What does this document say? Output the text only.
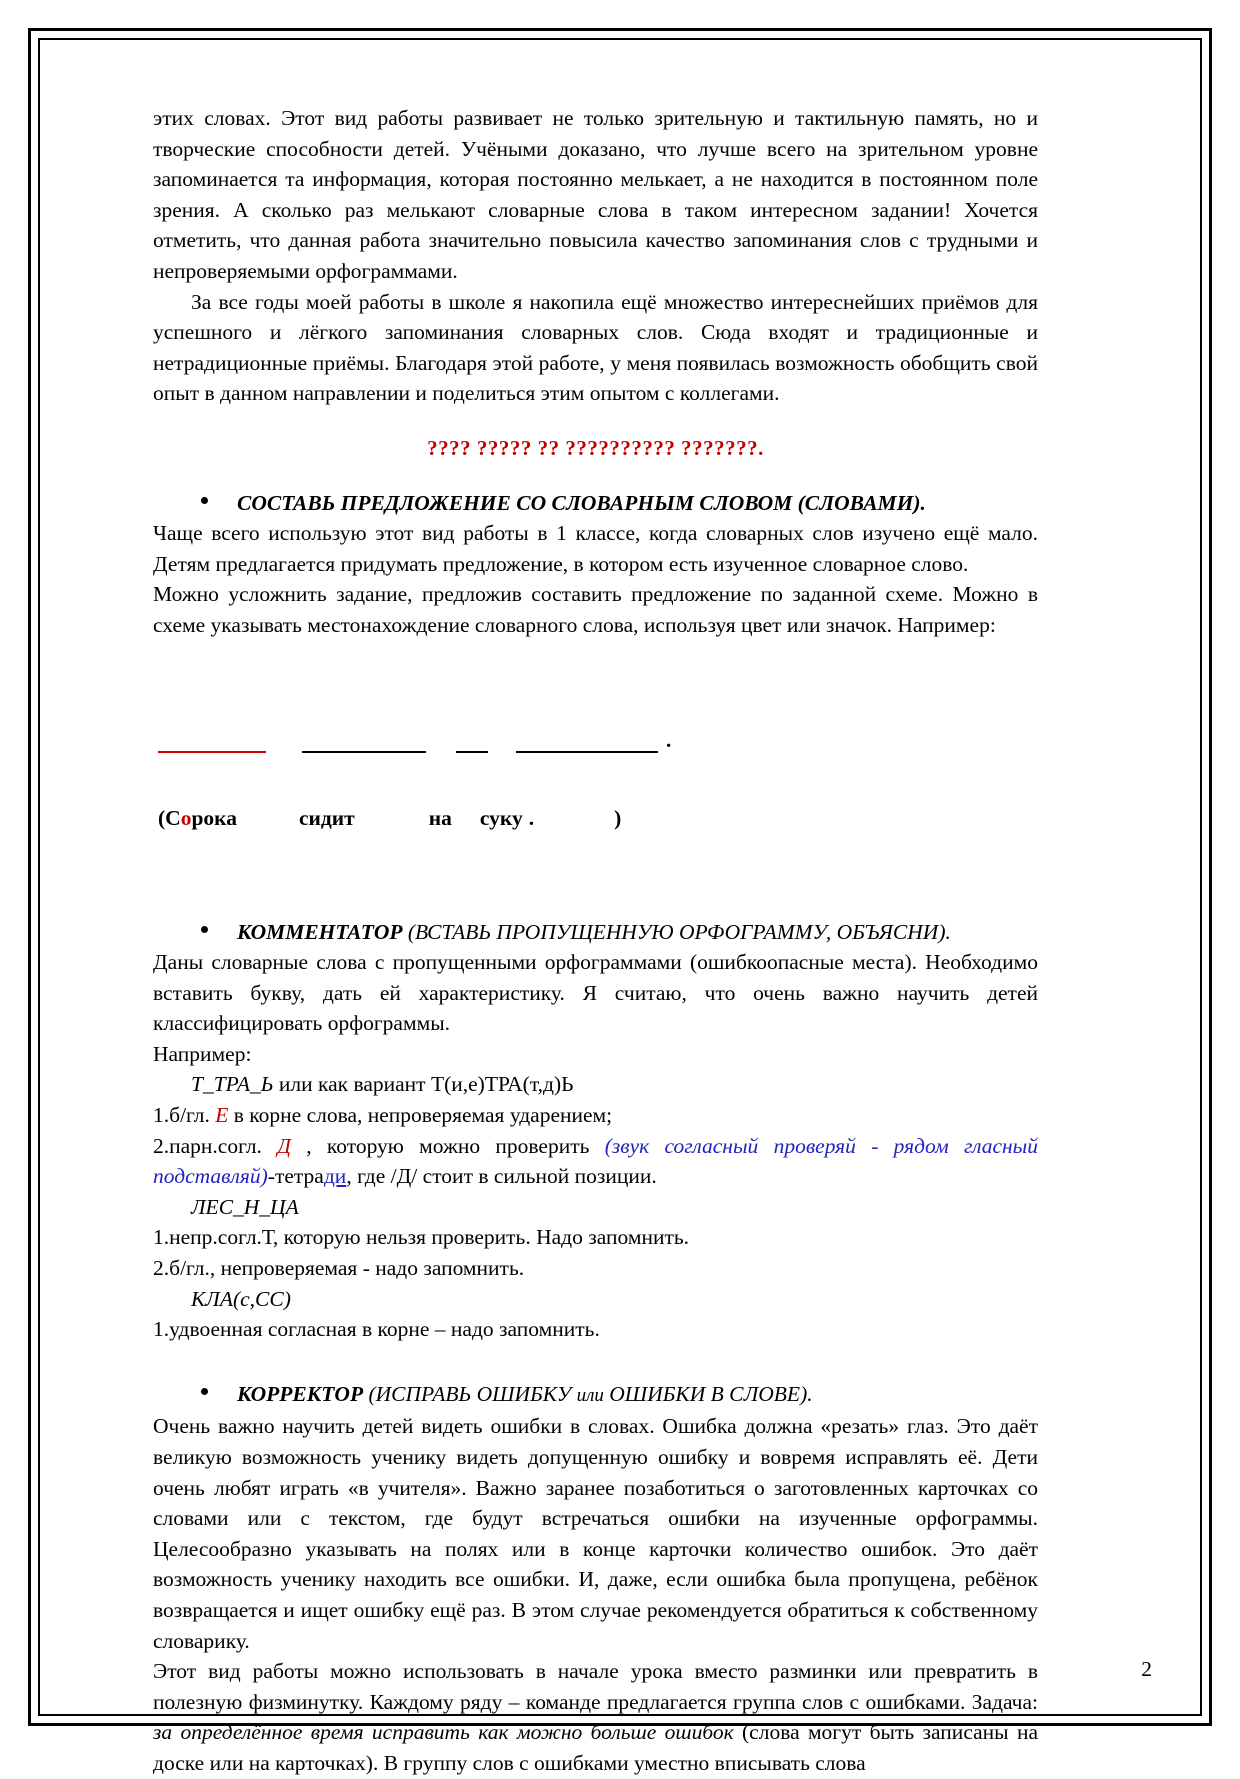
этих словах. Этот вид работы развивает не только зрительную и тактильную память, но и творческие способности детей. Учёными доказано, что лучше всего на зрительном уровне запоминается та информация, которая постоянно мелькает, а не находится в постоянном поле зрения. А сколько раз мелькают словарные слова в таком интересном задании! Хочется отметить, что данная работа значительно повысила качество запоминания слов с трудными и непроверяемыми орфограммами.

За все годы моей работы в школе я накопила ещё множество интереснейших приёмов для успешного и лёгкого запоминания словарных слов. Сюда входят и традиционные и нетрадиционные приёмы. Благодаря этой работе, у меня появилась возможность обобщить свой опыт в данном направлении и поделиться этим опытом с коллегами.

???? ????? ?? ?????????? ???????.

СОСТАВЬ ПРЕДЛОЖЕНИЕ СО СЛОВАРНЫМ СЛОВОМ (СЛОВАМИ).

Чаще всего использую этот вид работы в 1 классе, когда словарных слов изучено ещё мало. Детям предлагается придумать предложение, в котором есть изученное словарное слово.

Можно усложнить задание, предложив составить предложение по заданной схеме. Можно в схеме указывать местонахождение словарного слова, используя цвет или значок. Например:

.

(Сорока	сидит	на суку .	)

КОММЕНТАТОР (ВСТАВЬ ПРОПУЩЕННУЮ ОРФОГРАММУ, ОБЪЯСНИ).

Даны словарные слова с пропущенными орфограммами (ошибкоопасные места). Необходимо вставить букву, дать ей характеристику. Я считаю, что очень важно научить детей классифицировать орфограммы.

Например:

Т_ТРА_Ь или как вариант Т(и,е)ТРА(т,д)Ь

1.б/гл. Е в корне слова, непроверяемая ударением;

2.парн.согл. Д , которую можно проверить (звук согласный проверяй - рядом гласный подставляй)-тетради, где /Д/ стоит в сильной позиции.

ЛЕС_Н_ЦА

1.непр.согл.Т, которую нельзя проверить. Надо запомнить.

2.б/гл., непроверяемая - надо запомнить.

КЛА(с,СС)

1.удвоенная согласная в корне – надо запомнить.

КОРРЕКТОР (ИСПРАВЬ ОШИБКУ или ОШИБКИ В СЛОВЕ).

Очень важно научить детей видеть ошибки в словах. Ошибка должна «резать» глаз. Это даёт великую возможность ученику видеть допущенную ошибку и вовремя исправлять её. Дети очень любят играть «в учителя». Важно заранее позаботиться о заготовленных карточках со словами или с текстом, где будут встречаться ошибки на изученные орфограммы. Целесообразно указывать на полях или в конце карточки количество ошибок. Это даёт возможность ученику находить все ошибки. И, даже, если ошибка была пропущена, ребёнок возвращается и ищет ошибку ещё раз. В этом случае рекомендуется обратиться к собственному словарику.

Этот вид работы можно использовать в начале урока вместо разминки или превратить в полезную физминутку. Каждому ряду – команде предлагается группа слов с ошибками. Задача: за определённое время исправить как можно больше ошибок (слова могут быть записаны на доске или на карточках). В группу слов с ошибками уместно вписывать слова

2
